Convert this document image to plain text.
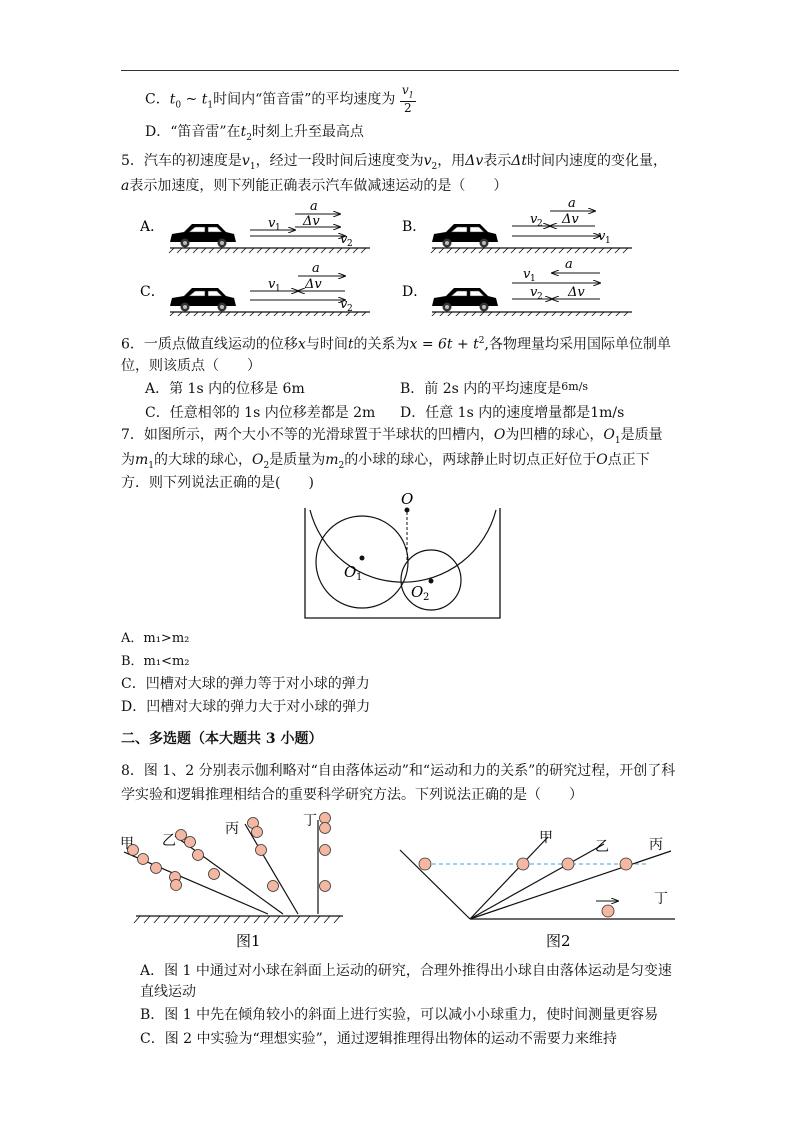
C．$t_0$ ~ $t_1$时间内“笛音雷”的平均速度为 $\frac{v_1}{2}$
D．“笛音雷”在$t_2$时刻上升至最高点
5．汽车的初速度是$v_1$，经过一段时间后速度变为$v_2$，用Δv表示Δt时间内速度的变化量，
a表示加速度，则下列能正确表示汽车做减速运动的是（　　）
A．
a
Δv
v 1
v 2
B．
a
Δv
v 2
v 1
C．
a
Δv
v 1
v 2
D．
v 1
a
v 2 Δv
6．一质点做直线运动的位移x与时间t的关系为$x = 6t + t^2$,各物理量均采用国际单位制单
位，则该质点（　　）
A．第 1s 内的位移是 6m	B．前 2s 内的平均速度是$^{6m/s}$
C．任意相邻的 1s 内位移差都是 2m D．任意 1s 内的速度增量都是1m/s
7．如图所示，两个大小不等的光滑球置于半球状的凹槽内，O为凹槽的球心，$O_1$是质量
为$m_1$的大球的球心，$O_2$是质量为$m_2$的小球的球心，两球静止时切点正好位于O点正下
方．则下列说法正确的是(　　)
O
O 1
O 2
A．m₁>m₂
B．m₁<m₂
C．凹槽对大球的弹力等于对小球的弹力
D．凹槽对大球的弹力大于对小球的弹力
二、多选题（本大题共 3 小题）
8．图 1、2 分别表示伽利略对“自由落体运动”和“运动和力的关系”的研究过程，开创了科
学实验和逻辑推理相结合的重要科学研究方法。下列说法正确的是（　　）
甲 乙
丙	丁
图1
甲
乙	丙
丁
图2
A．图 1 中通过对小球在斜面上运动的研究，合理外推得出小球自由落体运动是匀变速
直线运动
B．图 1 中先在倾角较小的斜面上进行实验，可以减小小球重力，使时间测量更容易
C．图 2 中实验为“理想实验”，通过逻辑推理得出物体的运动不需要力来维持
